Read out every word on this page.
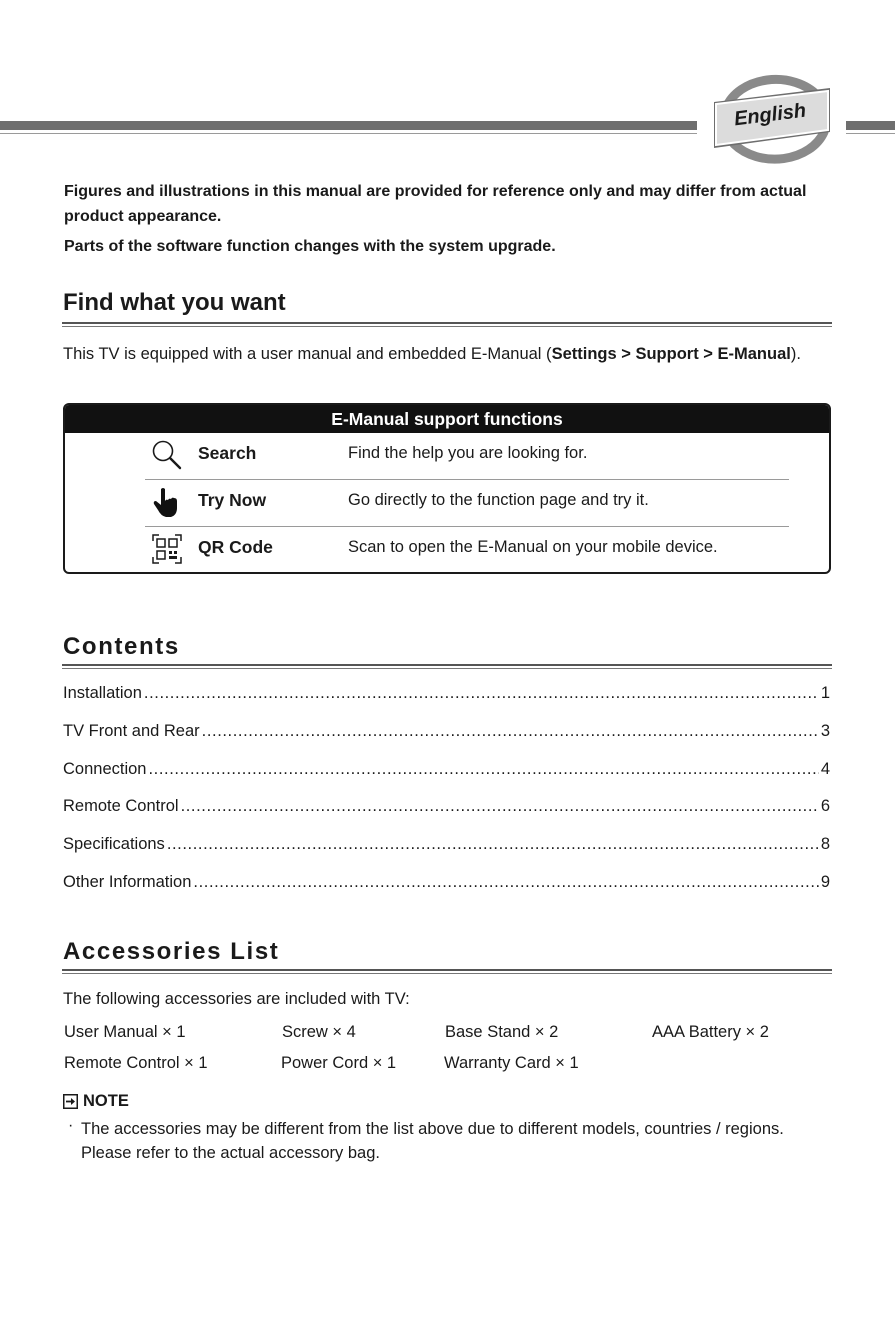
English
Figures and illustrations in this manual are provided for reference only and may differ from actual product appearance.
Parts of the software function changes with the system upgrade.
Find what you want
This TV is equipped with a user manual and embedded E-Manual (Settings > Support > E-Manual).
E-Manual support functions
Search	Find the help you are looking for.
Try Now	Go directly to the function page and try it.
QR Code	Scan to open the E-Manual on your mobile device.
Contents
Installation .....	1
TV Front and Rear .....	3
Connection .....	4
Remote Control .....	6
Specifications .....	8
Other Information .....	9
Accessories List
The following accessories are included with TV:
User Manual × 1	Screw × 4	Base Stand × 2	AAA Battery × 2
Remote Control × 1	Power Cord × 1	Warranty Card × 1
NOTE
· The accessories may be different from the list above due to different models, countries / regions. Please refer to the actual accessory bag.
